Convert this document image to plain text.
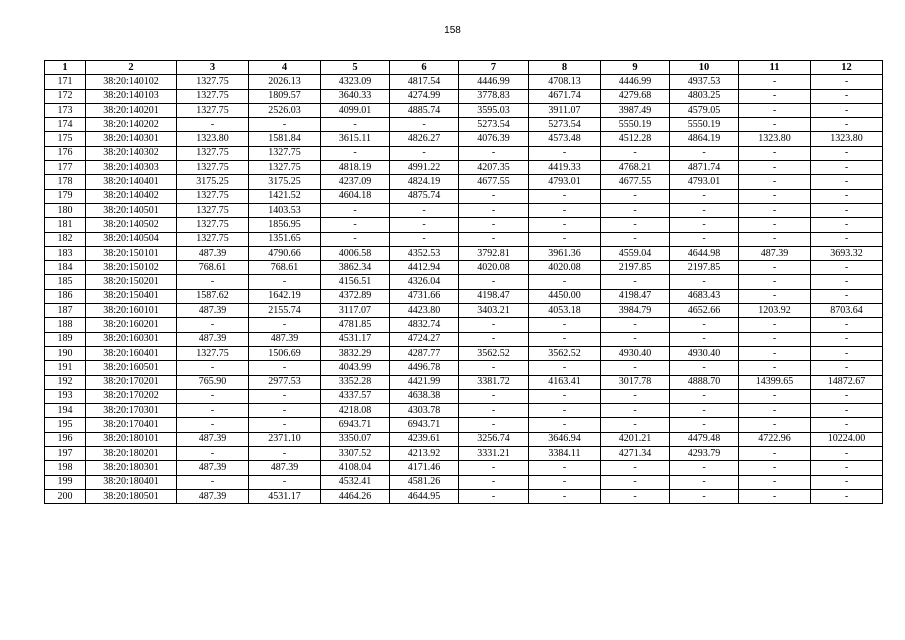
158
1	2	3	4	5	6	7	8	9	10	11	12
171	38:20:140102	1327.75	2026.13	4323.09	4817.54	4446.99	4708.13	4446.99	4937.53	-	-
172	38:20:140103	1327.75	1809.57	3640.33	4274.99	3778.83	4671.74	4279.68	4803.25	-	-
173	38:20:140201	1327.75	2526.03	4099.01	4885.74	3595.03	3911.07	3987.49	4579.05	-	-
174	38:20:140202	-	-	-	-	5273.54	5273.54	5550.19	5550.19	-	-
175	38:20:140301	1323.80	1581.84	3615.11	4826.27	4076.39	4573.48	4512.28	4864.19	1323.80	1323.80
176	38:20:140302	1327.75	1327.75	-	-	-	-	-	-	-	-
177	38:20:140303	1327.75	1327.75	4818.19	4991.22	4207.35	4419.33	4768.21	4871.74	-	-
178	38:20:140401	3175.25	3175.25	4237.09	4824.19	4677.55	4793.01	4677.55	4793.01	-	-
179	38:20:140402	1327.75	1421.52	4604.18	4875.74	-	-	-	-	-	-
180	38:20:140501	1327.75	1403.53	-	-	-	-	-	-	-	-
181	38:20:140502	1327.75	1856.95	-	-	-	-	-	-	-	-
182	38:20:140504	1327.75	1351.65	-	-	-	-	-	-	-	-
183	38:20:150101	487.39	4790.66	4006.58	4352.53	3792.81	3961.36	4559.04	4644.98	487.39	3693.32
184	38:20:150102	768.61	768.61	3862.34	4412.94	4020.08	4020.08	2197.85	2197.85	-	-
185	38:20:150201	-	-	4156.51	4326.04	-	-	-	-	-	-
186	38:20:150401	1587.62	1642.19	4372.89	4731.66	4198.47	4450.00	4198.47	4683.43	-	-
187	38:20:160101	487.39	2155.74	3117.07	4423.80	3403.21	4053.18	3984.79	4652.66	1203.92	8703.64
188	38:20:160201	-	-	4781.85	4832.74	-	-	-	-	-	-
189	38:20:160301	487.39	487.39	4531.17	4724.27	-	-	-	-	-	-
190	38:20:160401	1327.75	1506.69	3832.29	4287.77	3562.52	3562.52	4930.40	4930.40	-	-
191	38:20:160501	-	-	4043.99	4496.78	-	-	-	-	-	-
192	38:20:170201	765.90	2977.53	3352.28	4421.99	3381.72	4163.41	3017.78	4888.70	14399.65	14872.67
193	38:20:170202	-	-	4337.57	4638.38	-	-	-	-	-	-
194	38:20:170301	-	-	4218.08	4303.78	-	-	-	-	-	-
195	38:20:170401	-	-	6943.71	6943.71	-	-	-	-	-	-
196	38:20:180101	487.39	2371.10	3350.07	4239.61	3256.74	3646.94	4201.21	4479.48	4722.96	10224.00
197	38:20:180201	-	-	3307.52	4213.92	3331.21	3384.11	4271.34	4293.79	-	-
198	38:20:180301	487.39	487.39	4108.04	4171.46	-	-	-	-	-	-
199	38:20:180401	-	-	4532.41	4581.26	-	-	-	-	-	-
200	38:20:180501	487.39	4531.17	4464.26	4644.95	-	-	-	-	-	-
